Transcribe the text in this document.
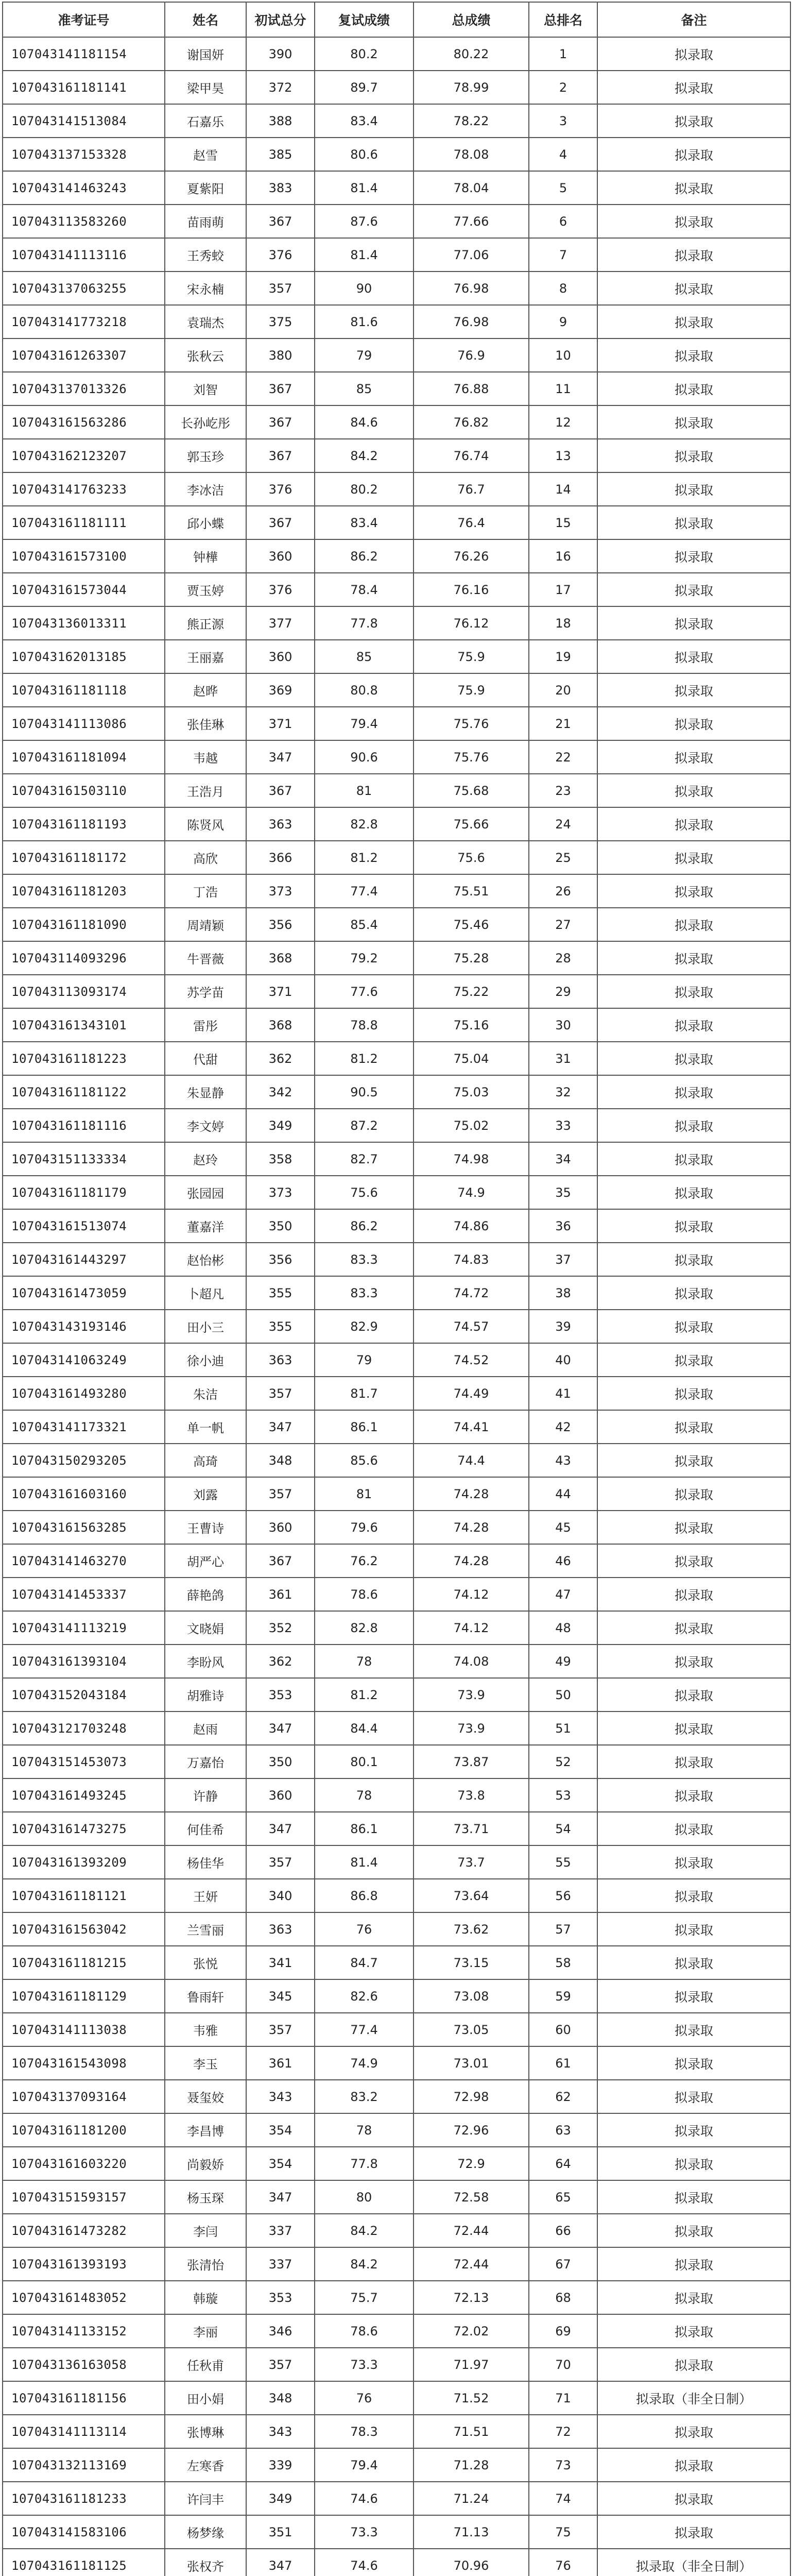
准考证号	姓名	初试总分	复试成绩	总成绩	总排名	备注
107043141181154	谢国妍	390	80.2	80.22	1	拟录取
107043161181141	梁甲昊	372	89.7	78.99	2	拟录取
107043141513084	石嘉乐	388	83.4	78.22	3	拟录取
107043137153328	赵雪	385	80.6	78.08	4	拟录取
107043141463243	夏紫阳	383	81.4	78.04	5	拟录取
107043113583260	苗雨萌	367	87.6	77.66	6	拟录取
107043141113116	王秀蛟	376	81.4	77.06	7	拟录取
107043137063255	宋永楠	357	90	76.98	8	拟录取
107043141773218	袁瑞杰	375	81.6	76.98	9	拟录取
107043161263307	张秋云	380	79	76.9	10	拟录取
107043137013326	刘智	367	85	76.88	11	拟录取
107043161563286	长孙屹彤	367	84.6	76.82	12	拟录取
107043162123207	郭玉珍	367	84.2	76.74	13	拟录取
107043141763233	李冰洁	376	80.2	76.7	14	拟录取
107043161181111	邱小蝶	367	83.4	76.4	15	拟录取
107043161573100	钟樺	360	86.2	76.26	16	拟录取
107043161573044	贾玉婷	376	78.4	76.16	17	拟录取
107043136013311	熊正源	377	77.8	76.12	18	拟录取
107043162013185	王丽嘉	360	85	75.9	19	拟录取
107043161181118	赵晔	369	80.8	75.9	20	拟录取
107043141113086	张佳琳	371	79.4	75.76	21	拟录取
107043161181094	韦越	347	90.6	75.76	22	拟录取
107043161503110	王浩月	367	81	75.68	23	拟录取
107043161181193	陈贤风	363	82.8	75.66	24	拟录取
107043161181172	高欣	366	81.2	75.6	25	拟录取
107043161181203	丁浩	373	77.4	75.51	26	拟录取
107043161181090	周靖颖	356	85.4	75.46	27	拟录取
107043114093296	牛晋薇	368	79.2	75.28	28	拟录取
107043113093174	苏学苗	371	77.6	75.22	29	拟录取
107043161343101	雷彤	368	78.8	75.16	30	拟录取
107043161181223	代甜	362	81.2	75.04	31	拟录取
107043161181122	朱显静	342	90.5	75.03	32	拟录取
107043161181116	李文婷	349	87.2	75.02	33	拟录取
107043151133334	赵玲	358	82.7	74.98	34	拟录取
107043161181179	张园园	373	75.6	74.9	35	拟录取
107043161513074	董嘉洋	350	86.2	74.86	36	拟录取
107043161443297	赵怡彬	356	83.3	74.83	37	拟录取
107043161473059	卜超凡	355	83.3	74.72	38	拟录取
107043143193146	田小三	355	82.9	74.57	39	拟录取
107043141063249	徐小迪	363	79	74.52	40	拟录取
107043161493280	朱洁	357	81.7	74.49	41	拟录取
107043141173321	单一帆	347	86.1	74.41	42	拟录取
107043150293205	高琦	348	85.6	74.4	43	拟录取
107043161603160	刘露	357	81	74.28	44	拟录取
107043161563285	王曹诗	360	79.6	74.28	45	拟录取
107043141463270	胡严心	367	76.2	74.28	46	拟录取
107043141453337	薛艳鸽	361	78.6	74.12	47	拟录取
107043141113219	文晓娟	352	82.8	74.12	48	拟录取
107043161393104	李盼风	362	78	74.08	49	拟录取
107043152043184	胡雅诗	353	81.2	73.9	50	拟录取
107043121703248	赵雨	347	84.4	73.9	51	拟录取
107043151453073	万嘉怡	350	80.1	73.87	52	拟录取
107043161493245	许静	360	78	73.8	53	拟录取
107043161473275	何佳希	347	86.1	73.71	54	拟录取
107043161393209	杨佳华	357	81.4	73.7	55	拟录取
107043161181121	王妍	340	86.8	73.64	56	拟录取
107043161563042	兰雪丽	363	76	73.62	57	拟录取
107043161181215	张悦	341	84.7	73.15	58	拟录取
107043161181129	鲁雨轩	345	82.6	73.08	59	拟录取
107043141113038	韦雅	357	77.4	73.05	60	拟录取
107043161543098	李玉	361	74.9	73.01	61	拟录取
107043137093164	聂玺姣	343	83.2	72.98	62	拟录取
107043161181200	李昌博	354	78	72.96	63	拟录取
107043161603220	尚毅娇	354	77.8	72.9	64	拟录取
107043151593157	杨玉琛	347	80	72.58	65	拟录取
107043161473282	李闫	337	84.2	72.44	66	拟录取
107043161393193	张清怡	337	84.2	72.44	67	拟录取
107043161483052	韩璇	353	75.7	72.13	68	拟录取
107043141133152	李丽	346	78.6	72.02	69	拟录取
107043136163058	任秋甫	357	73.3	71.97	70	拟录取
107043161181156	田小娟	348	76	71.52	71	拟录取（非全日制）
107043141113114	张博琳	343	78.3	71.51	72	拟录取
107043132113169	左寒香	339	79.4	71.28	73	拟录取
107043161181233	许闫丰	349	74.6	71.24	74	拟录取
107043141583106	杨梦缘	351	73.3	71.13	75	拟录取
107043161181125	张权齐	347	74.6	70.96	76	拟录取（非全日制）
